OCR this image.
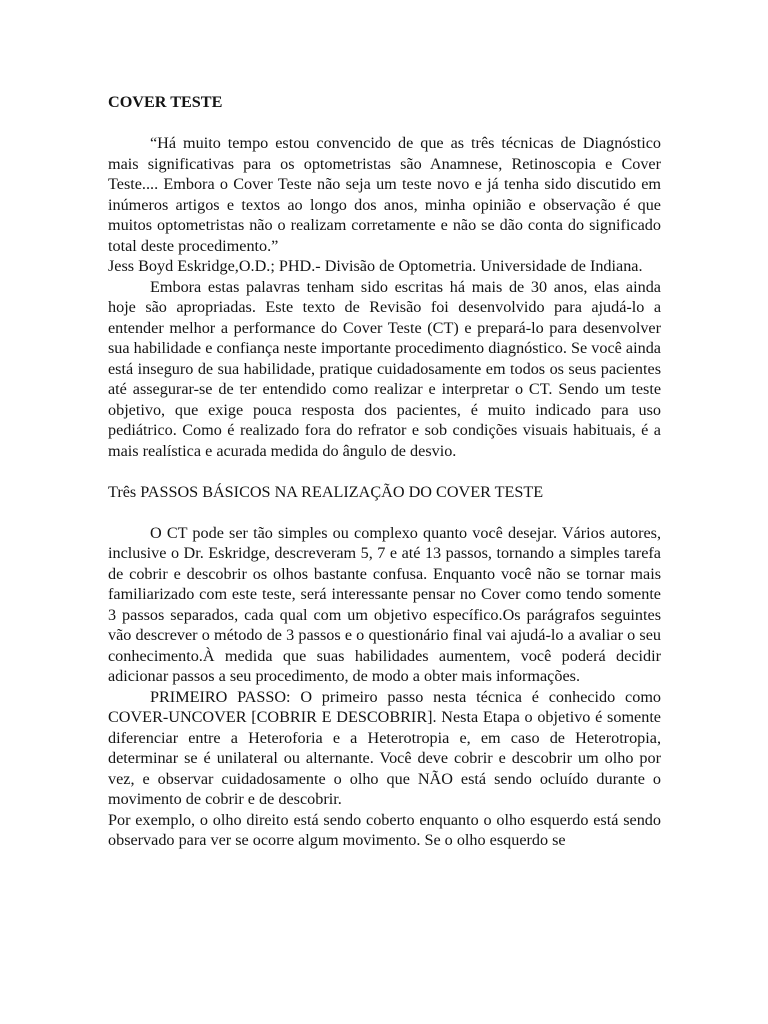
COVER TESTE

“Há muito tempo estou convencido de que as três técnicas de Diagnóstico mais significativas para os optometristas são Anamnese, Retinoscopia e Cover Teste.... Embora o Cover Teste não seja um teste novo e já tenha sido discutido em inúmeros artigos e textos ao longo dos anos, minha opinião e observação é que muitos optometristas não o realizam corretamente e não se dão conta do significado total deste procedimento.”

Jess Boyd Eskridge,O.D.; PHD.- Divisão de Optometria. Universidade de Indiana.

Embora estas palavras tenham sido escritas há mais de 30 anos, elas ainda hoje são apropriadas. Este texto de Revisão foi desenvolvido para ajudá-lo a entender melhor a performance do Cover Teste (CT) e prepará-lo para desenvolver sua habilidade e confiança neste importante procedimento diagnóstico. Se você ainda está inseguro de sua habilidade, pratique cuidadosamente em todos os seus pacientes até assegurar-se de ter entendido como realizar e interpretar o CT. Sendo um teste objetivo, que exige pouca resposta dos pacientes, é muito indicado para uso pediátrico. Como é realizado fora do refrator e sob condições visuais habituais, é a mais realística e acurada medida do ângulo de desvio.

Três PASSOS BÁSICOS NA REALIZAÇÃO DO COVER TESTE

O CT pode ser tão simples ou complexo quanto você desejar. Vários autores, inclusive o Dr. Eskridge, descreveram 5, 7 e até 13 passos, tornando a simples tarefa de cobrir e descobrir os olhos bastante confusa. Enquanto você não se tornar mais familiarizado com este teste, será interessante pensar no Cover como tendo somente 3 passos separados, cada qual com um objetivo específico.Os parágrafos seguintes vão descrever o método de 3 passos e o questionário final vai ajudá-lo a avaliar o seu conhecimento.À medida que suas habilidades aumentem, você poderá decidir adicionar passos a seu procedimento, de modo a obter mais informações.

PRIMEIRO PASSO: O primeiro passo nesta técnica é conhecido como COVER-UNCOVER [COBRIR E DESCOBRIR]. Nesta Etapa o objetivo é somente diferenciar entre a Heteroforia e a Heterotropia e, em caso de Heterotropia, determinar se é unilateral ou alternante. Você deve cobrir e descobrir um olho por vez, e observar cuidadosamente o olho que NÃO está sendo ocluído durante o movimento de cobrir e de descobrir.

Por exemplo, o olho direito está sendo coberto enquanto o olho esquerdo está sendo observado para ver se ocorre algum movimento. Se o olho esquerdo se
